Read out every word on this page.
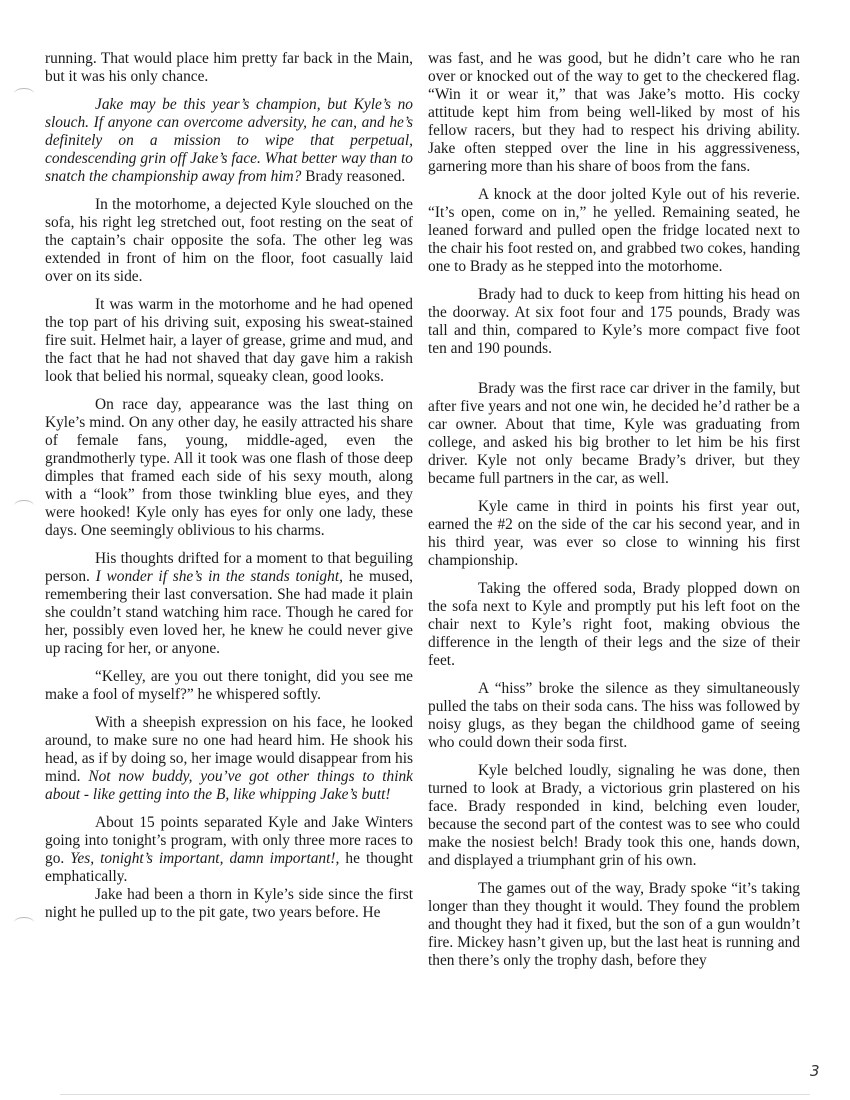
running. That would place him pretty far back in the Main, but it was his only chance.

Jake may be this year’s champion, but Kyle’s no slouch. If anyone can overcome adversity, he can, and he’s definitely on a mission to wipe that perpetual, condescending grin off Jake’s face. What better way than to snatch the championship away from him? Brady reasoned.

In the motorhome, a dejected Kyle slouched on the sofa, his right leg stretched out, foot resting on the seat of the captain’s chair opposite the sofa. The other leg was extended in front of him on the floor, foot casually laid over on its side.

It was warm in the motorhome and he had opened the top part of his driving suit, exposing his sweat-stained fire suit. Helmet hair, a layer of grease, grime and mud, and the fact that he had not shaved that day gave him a rakish look that belied his normal, squeaky clean, good looks.

On race day, appearance was the last thing on Kyle’s mind. On any other day, he easily attracted his share of female fans, young, middle-aged, even the grandmotherly type. All it took was one flash of those deep dimples that framed each side of his sexy mouth, along with a “look” from those twinkling blue eyes, and they were hooked! Kyle only has eyes for only one lady, these days. One seemingly oblivious to his charms.

His thoughts drifted for a moment to that beguiling person. I wonder if she’s in the stands tonight, he mused, remembering their last conversation. She had made it plain she couldn’t stand watching him race. Though he cared for her, possibly even loved her, he knew he could never give up racing for her, or anyone.

“Kelley, are you out there tonight, did you see me make a fool of myself?” he whispered softly.

With a sheepish expression on his face, he looked around, to make sure no one had heard him. He shook his head, as if by doing so, her image would disappear from his mind. Not now buddy, you’ve got other things to think about - like getting into the B, like whipping Jake’s butt!

About 15 points separated Kyle and Jake Winters going into tonight’s program, with only three more races to go. Yes, tonight’s important, damn important!, he thought emphatically.

Jake had been a thorn in Kyle’s side since the first night he pulled up to the pit gate, two years before. He

was fast, and he was good, but he didn’t care who he ran over or knocked out of the way to get to the checkered flag. “Win it or wear it,” that was Jake’s motto. His cocky attitude kept him from being well-liked by most of his fellow racers, but they had to respect his driving ability. Jake often stepped over the line in his aggressiveness, garnering more than his share of boos from the fans.

A knock at the door jolted Kyle out of his reverie. “It’s open, come on in,” he yelled. Remaining seated, he leaned forward and pulled open the fridge located next to the chair his foot rested on, and grabbed two cokes, handing one to Brady as he stepped into the motorhome.

Brady had to duck to keep from hitting his head on the doorway. At six foot four and 175 pounds, Brady was tall and thin, compared to Kyle’s more compact five foot ten and 190 pounds.

Brady was the first race car driver in the family, but after five years and not one win, he decided he’d rather be a car owner. About that time, Kyle was graduating from college, and asked his big brother to let him be his first driver. Kyle not only became Brady’s driver, but they became full partners in the car, as well.

Kyle came in third in points his first year out, earned the #2 on the side of the car his second year, and in his third year, was ever so close to winning his first championship.

Taking the offered soda, Brady plopped down on the sofa next to Kyle and promptly put his left foot on the chair next to Kyle’s right foot, making obvious the difference in the length of their legs and the size of their feet.

A “hiss” broke the silence as they simultaneously pulled the tabs on their soda cans. The hiss was followed by noisy glugs, as they began the childhood game of seeing who could down their soda first.

Kyle belched loudly, signaling he was done, then turned to look at Brady, a victorious grin plastered on his face. Brady responded in kind, belching even louder, because the second part of the contest was to see who could make the nosiest belch! Brady took this one, hands down, and displayed a triumphant grin of his own.

The games out of the way, Brady spoke “it’s taking longer than they thought it would. They found the problem and thought they had it fixed, but the son of a gun wouldn’t fire. Mickey hasn’t given up, but the last heat is running and then there’s only the trophy dash, before they

3
